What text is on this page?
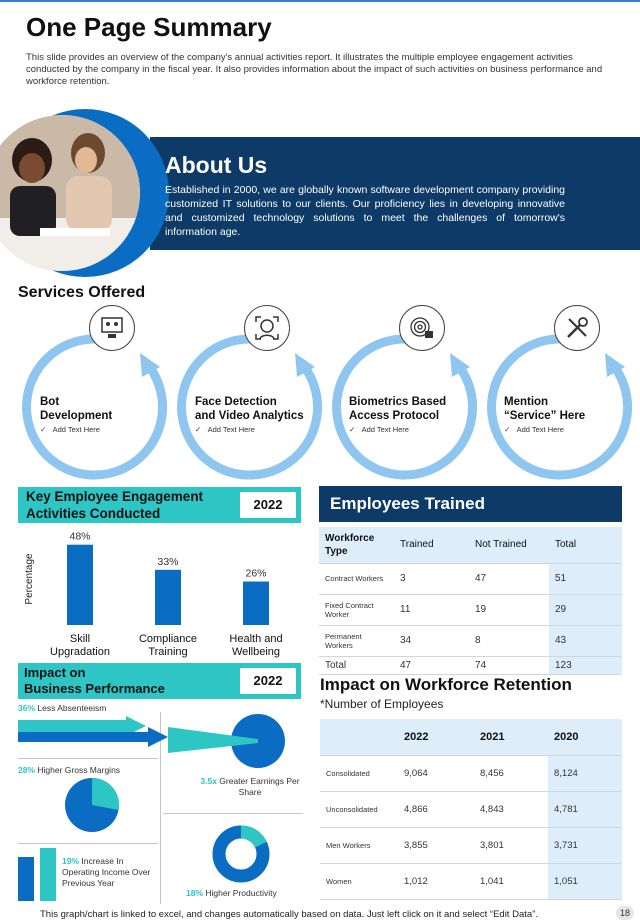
One Page Summary
This slide provides an overview of the company's annual activities report. It illustrates the multiple employee engagement activities conducted by the company in the fiscal year. It also provides information about the impact of such activities on business performance and workforce retention.
About Us
Established in 2000, we are globally known software development company providing customized IT solutions to our clients. Our proficiency lies in developing innovative and customized technology solutions to meet the challenges of tomorrow's information age.
Services Offered
Bot
Development
✓ Add Text Here
Face Detection
and Video Analytics
✓ Add Text Here
Biometrics Based
Access Protocol
✓ Add Text Here
Mention
“Service” Here
✓ Add Text Here
Key Employee Engagement
Activities Conducted
2022
Percentage
48%
Skill
Upgradation
33%
Compliance
Training
26%
Health and
Wellbeing
Employees Trained
Workforce Type	Trained	Not Trained	Total
Contract Workers	3	47	51
Fixed Contract Worker	11	19	29
Permanent Workers	34	8	43
Total	47	74	123
Impact on
Business Performance
2022
36% Less Absenteeism
28% Higher Gross Margins
19% Increase In Operating Income Over Previous Year
3.5x Greater Earnings Per Share
18% Higher Productivity
Impact on Workforce Retention
*Number of Employees
	2022	2021	2020
Consolidated	9,064	8,456	8,124
Unconsolidated	4,866	4,843	4,781
Men Workers	3,855	3,801	3,731
Women	1,012	1,041	1,051
This graph/chart is linked to excel, and changes automatically based on data. Just left click on it and select “Edit Data”.	18
